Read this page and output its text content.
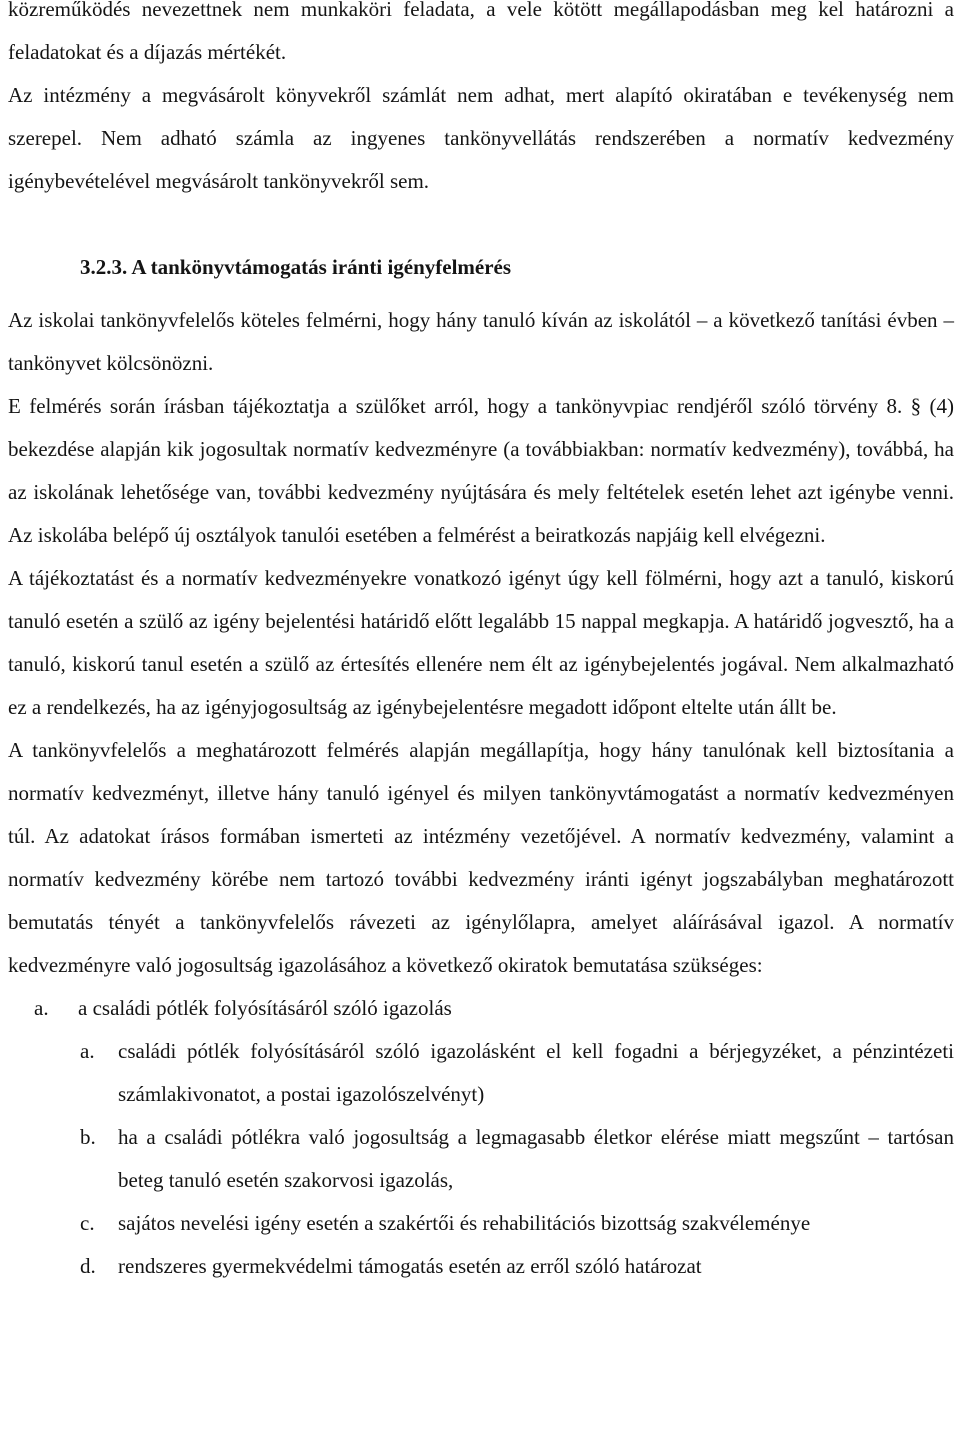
közreműködés nevezettnek nem munkaköri feladata, a vele kötött megállapodásban meg kel határozni a feladatokat és a díjazás mértékét.

Az intézmény a megvásárolt könyvekről számlát nem adhat, mert alapító okiratában e tevékenység nem szerepel. Nem adható számla az ingyenes tankönyvellátás rendszerében a normatív kedvezmény igénybevételével megvásárolt tankönyvekről sem.

3.2.3. A tankönyvtámogatás iránti igényfelmérés

Az iskolai tankönyvfelelős köteles felmérni, hogy hány tanuló kíván az iskolától – a következő tanítási évben – tankönyvet kölcsönözni.

E felmérés során írásban tájékoztatja a szülőket arról, hogy a tankönyvpiac rendjéről szóló törvény 8. § (4) bekezdése alapján kik jogosultak normatív kedvezményre (a továbbiakban: normatív kedvezmény), továbbá, ha az iskolának lehetősége van, további kedvezmény nyújtására és mely feltételek esetén lehet azt igénybe venni. Az iskolába belépő új osztályok tanulói esetében a felmérést a beiratkozás napjáig kell elvégezni.

A tájékoztatást és a normatív kedvezményekre vonatkozó igényt úgy kell fölmérni, hogy azt a tanuló, kiskorú tanuló esetén a szülő az igény bejelentési határidő előtt legalább 15 nappal megkapja. A határidő jogvesztő, ha a tanuló, kiskorú tanul esetén a szülő az értesítés ellenére nem élt az igénybejelentés jogával. Nem alkalmazható ez a rendelkezés, ha az igényjogosultság az igénybejelentésre megadott időpont eltelte után állt be.

A tankönyvfelelős a meghatározott felmérés alapján megállapítja, hogy hány tanulónak kell biztosítania a normatív kedvezményt, illetve hány tanuló igényel és milyen tankönyvtámogatást a normatív kedvezményen túl. Az adatokat írásos formában ismerteti az intézmény vezetőjével. A normatív kedvezmény, valamint a normatív kedvezmény körébe nem tartozó további kedvezmény iránti igényt jogszabályban meghatározott bemutatás tényét a tankönyvfelelős rávezeti az igénylőlapra, amelyet aláírásával igazol. A normatív kedvezményre való jogosultság igazolásához a következő okiratok bemutatása szükséges:

a. a családi pótlék folyósításáról szóló igazolás
a. családi pótlék folyósításáról szóló igazolásként el kell fogadni a bérjegyzéket, a pénzintézeti számlakivonatot, a postai igazolószelvényt)
b. ha a családi pótlékra való jogosultság a legmagasabb életkor elérése miatt megszűnt – tartósan beteg tanuló esetén szakorvosi igazolás,
c. sajátos nevelési igény esetén a szakértői és rehabilitációs bizottság szakvéleménye
d. rendszeres gyermekvédelmi támogatás esetén az erről szóló határozat
